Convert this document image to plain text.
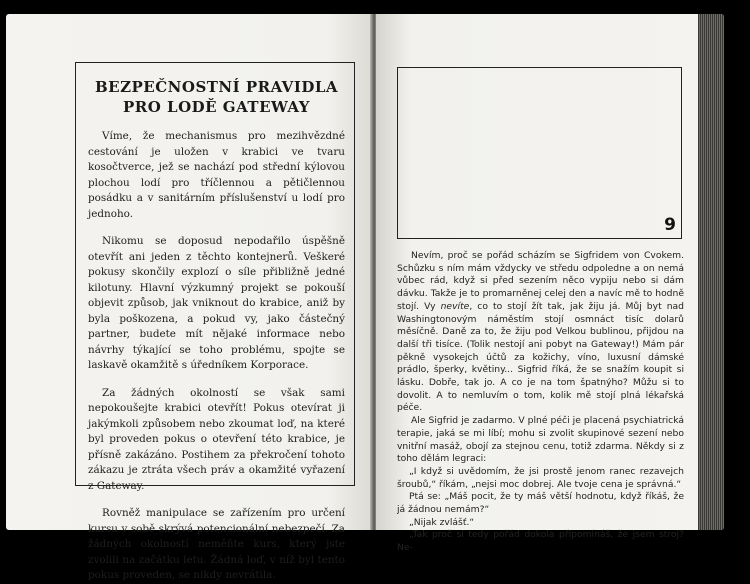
BEZPEČNOSTNÍ PRAVIDLA
PRO LODĚ GATEWAY

Víme, že mechanismus pro mezihvězdné cestování je uložen v krabici ve tvaru kosočtverce, jež se nachází pod střední kýlovou plochou lodí pro tříčlennou a pětičlennou posádku a v sanitárním příslušenství u lodí pro jednoho.

Nikomu se doposud nepodařilo úspěšně otevřít ani jeden z těchto kontejnerů. Veškeré pokusy skončily explozí o síle přibližně jedné kilotuny. Hlavní výzkumný projekt se pokouší objevit způsob, jak vniknout do krabice, aniž by byla poškozena, a pokud vy, jako částečný partner, budete mít nějaké informace nebo návrhy týkající se toho problému, spojte se laskavě okamžitě s úředníkem Korporace.

Za žádných okolností se však sami nepokoušejte krabici otevřít! Pokus otevírat ji jakýmkoli způsobem nebo zkoumat loď, na které byl proveden pokus o otevření této krabice, je přísně zakázáno. Postihem za překročení tohoto zákazu je ztráta všech práv a okamžité vyřazení z Gateway.

Rovněž manipulace se zařízením pro určení kursu v sobě skrývá potencionální nebezpečí. Za žádných okolností neměňte kurs, který jste zvolili na začátku letu. Žádná loď, v níž byl tento pokus proveden, se nikdy nevrátila.

9

Nevím, proč se pořád scházím se Sigfridem von Cvokem. Schůzku s ním mám vždycky ve středu odpoledne a on nemá vůbec rád, když si před sezením něco vypiju nebo si dám dávku. Takže je to promarněnej celej den a navíc mě to hodně stojí. Vy nevíte, co to stojí žít tak, jak žiju já. Můj byt nad Washingtonovým náměstím stojí osmnáct tisíc dolarů měsíčně. Daně za to, že žiju pod Velkou bublinou, přijdou na další tři tisíce. (Tolik nestojí ani pobyt na Gateway!) Mám pár pěkně vysokejch účtů za kožichy, víno, luxusní dámské prádlo, šperky, květiny... Sigfrid říká, že se snažím koupit si lásku. Dobře, tak jo. A co je na tom špatnýho? Můžu si to dovolit. A to nemluvím o tom, kolik mě stojí plná lékařská péče.

Ale Sigfrid je zadarmo. V plné péči je placená psychiatrická terapie, jaká se mi líbí; mohu si zvolit skupinové sezení nebo vnitřní masáž, obojí za stejnou cenu, totiž zdarma. Někdy si z toho dělám legraci:

„I když si uvědomím, že jsi prostě jenom ranec rezavejch šroubů,“ říkám, „nejsi moc dobrej. Ale tvoje cena je správná.“

Ptá se: „Máš pocit, že ty máš větší hodnotu, když říkáš, že já žádnou nemám?“

„Nijak zvlášť.“

„Tak proč si tedy pořád dokola připomínáš, že jsem stroj? Ne-
